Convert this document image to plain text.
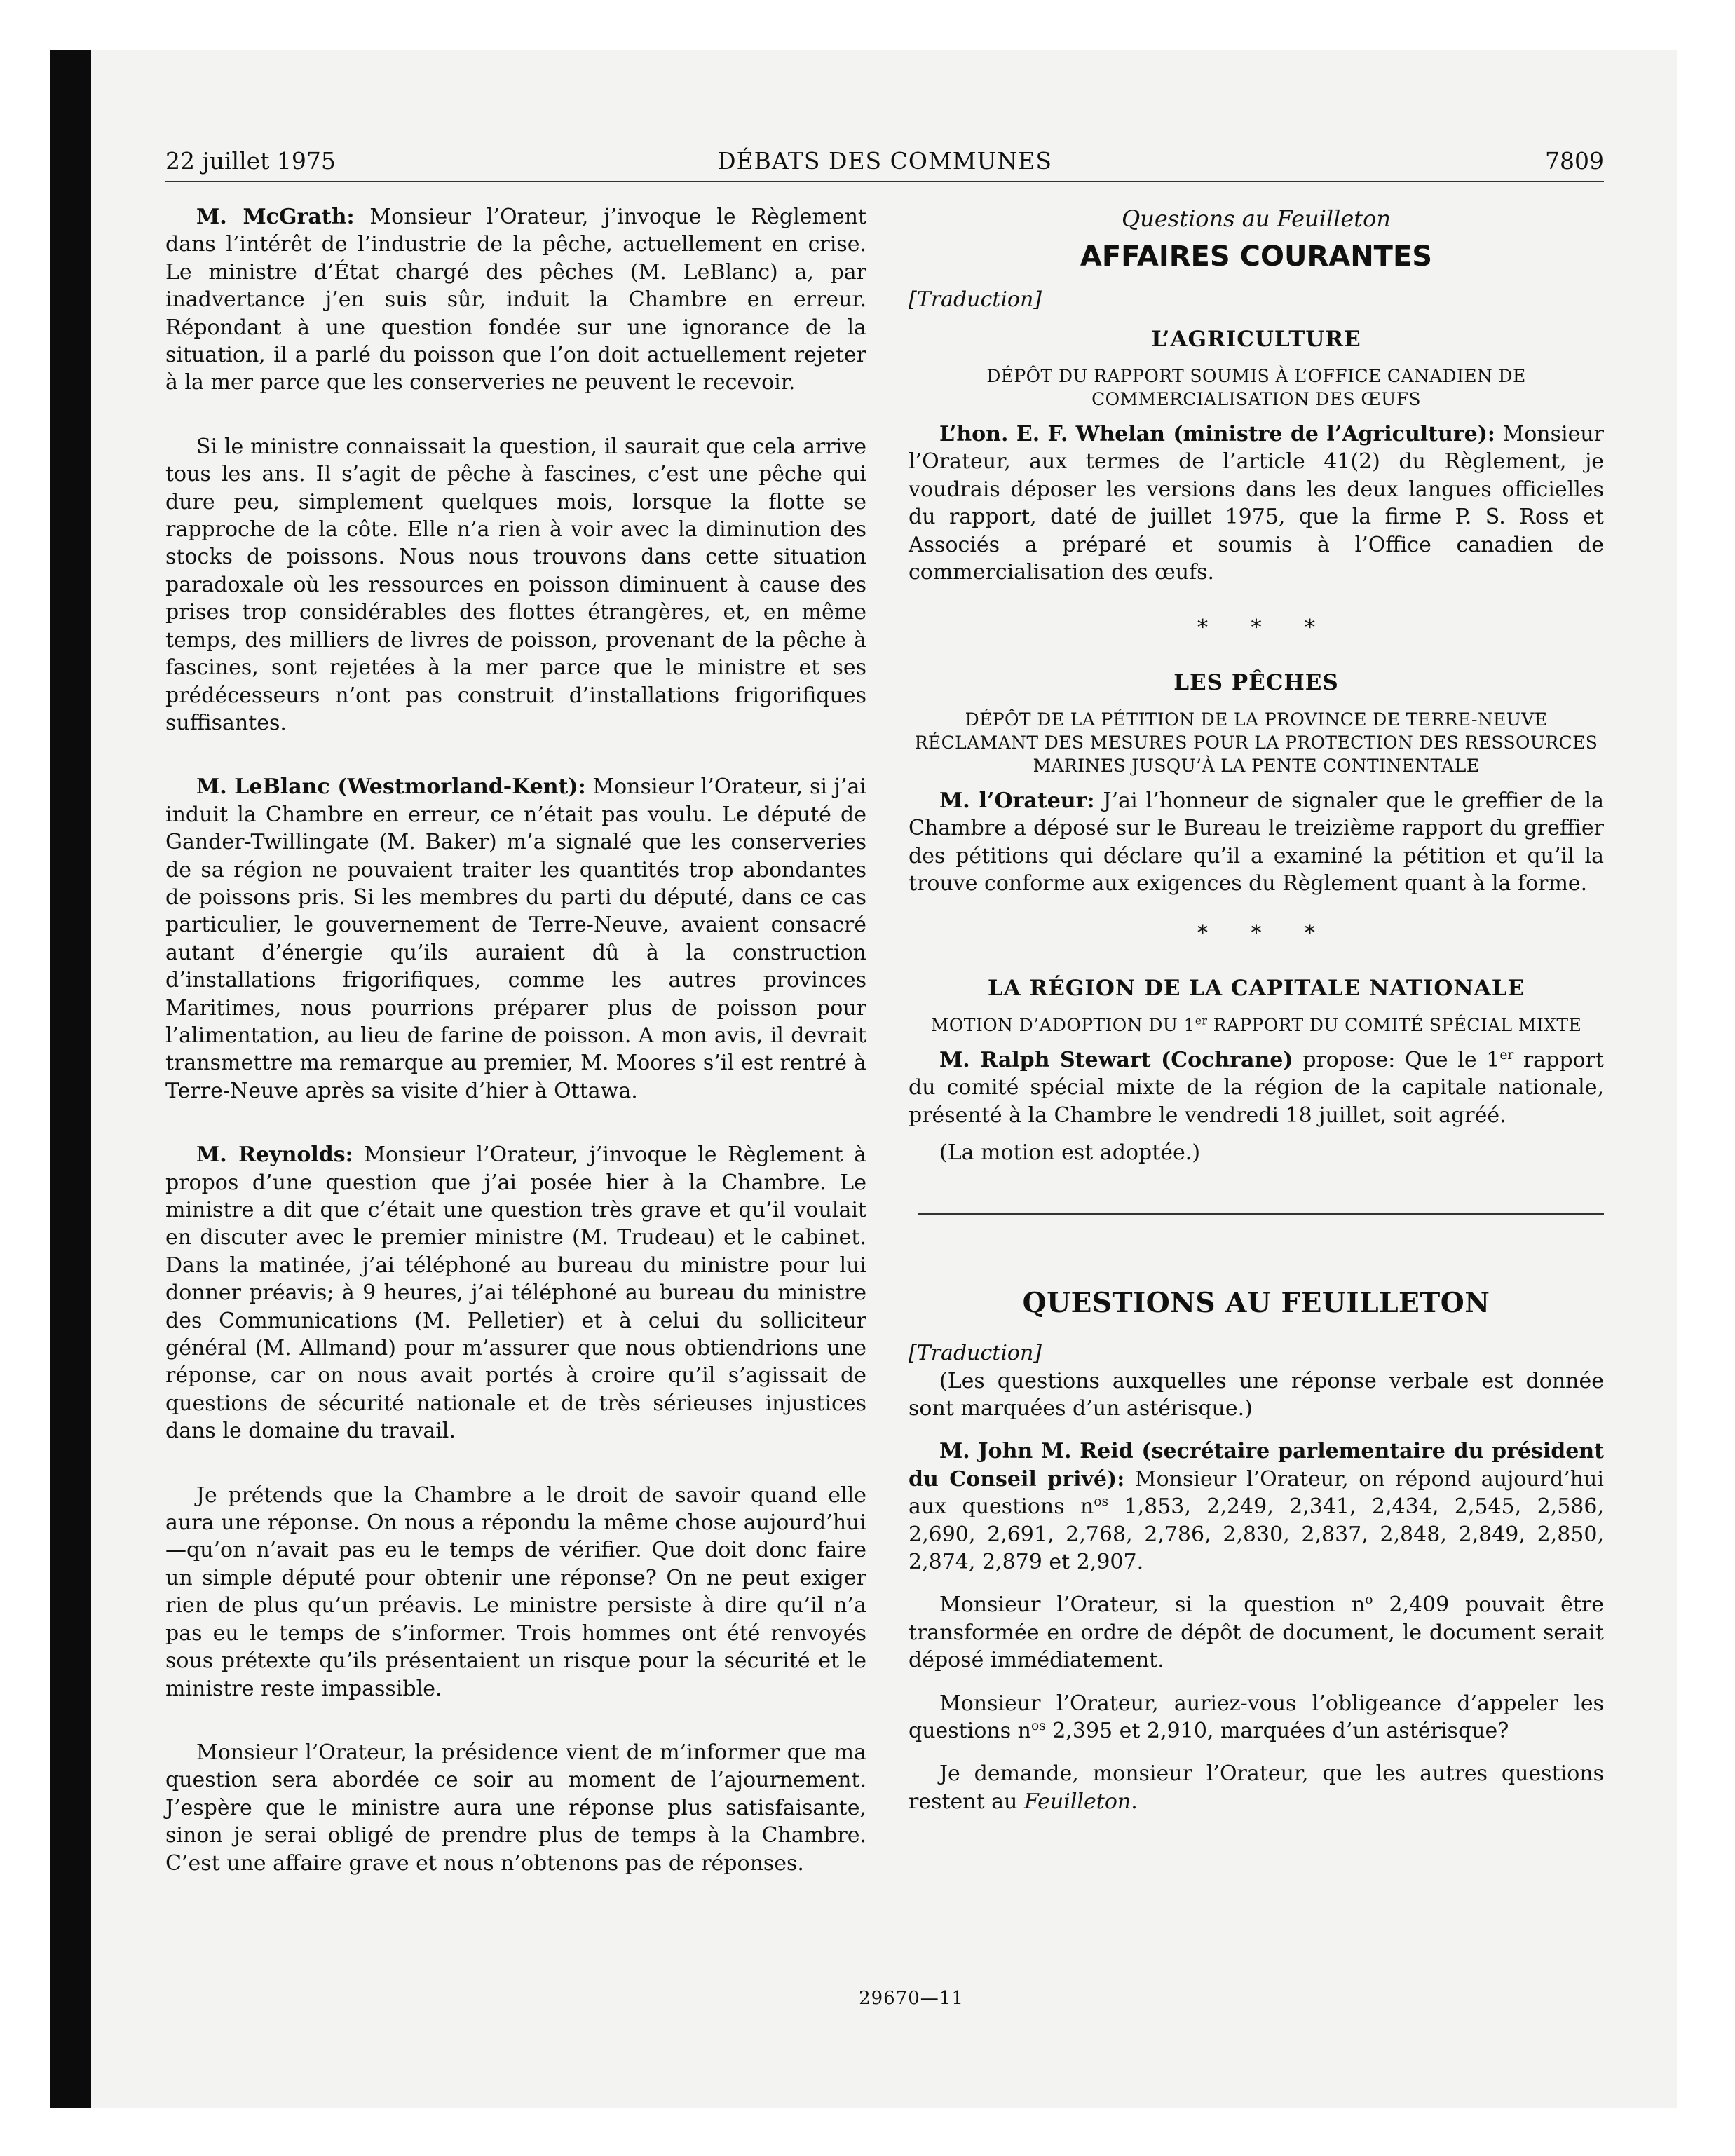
22 juillet 1975	DÉBATS DES COMMUNES	7809

M. McGrath: Monsieur l’Orateur, j’invoque le Règlement dans l’intérêt de l’industrie de la pêche, actuellement en crise. Le ministre d’État chargé des pêches (M. LeBlanc) a, par inadvertance j’en suis sûr, induit la Chambre en erreur. Répondant à une question fondée sur une ignorance de la situation, il a parlé du poisson que l’on doit actuellement rejeter à la mer parce que les conserveries ne peuvent le recevoir.

Si le ministre connaissait la question, il saurait que cela arrive tous les ans. Il s’agit de pêche à fascines, c’est une pêche qui dure peu, simplement quelques mois, lorsque la flotte se rapproche de la côte. Elle n’a rien à voir avec la diminution des stocks de poissons. Nous nous trouvons dans cette situation paradoxale où les ressources en poisson diminuent à cause des prises trop considérables des flottes étrangères, et, en même temps, des milliers de livres de poisson, provenant de la pêche à fascines, sont rejetées à la mer parce que le ministre et ses prédécesseurs n’ont pas construit d’installations frigorifiques suffisantes.

M. LeBlanc (Westmorland-Kent): Monsieur l’Orateur, si j’ai induit la Chambre en erreur, ce n’était pas voulu. Le député de Gander-Twillingate (M. Baker) m’a signalé que les conserveries de sa région ne pouvaient traiter les quantités trop abondantes de poissons pris. Si les membres du parti du député, dans ce cas particulier, le gouvernement de Terre-Neuve, avaient consacré autant d’énergie qu’ils auraient dû à la construction d’installations frigorifiques, comme les autres provinces Maritimes, nous pourrions préparer plus de poisson pour l’alimentation, au lieu de farine de poisson. A mon avis, il devrait transmettre ma remarque au premier, M. Moores s’il est rentré à Terre-Neuve après sa visite d’hier à Ottawa.

M. Reynolds: Monsieur l’Orateur, j’invoque le Règlement à propos d’une question que j’ai posée hier à la Chambre. Le ministre a dit que c’était une question très grave et qu’il voulait en discuter avec le premier ministre (M. Trudeau) et le cabinet. Dans la matinée, j’ai téléphoné au bureau du ministre pour lui donner préavis; à 9 heures, j’ai téléphoné au bureau du ministre des Communications (M. Pelletier) et à celui du solliciteur général (M. Allmand) pour m’assurer que nous obtiendrions une réponse, car on nous avait portés à croire qu’il s’agissait de questions de sécurité nationale et de très sérieuses injustices dans le domaine du travail.

Je prétends que la Chambre a le droit de savoir quand elle aura une réponse. On nous a répondu la même chose aujourd’hui—qu’on n’avait pas eu le temps de vérifier. Que doit donc faire un simple député pour obtenir une réponse? On ne peut exiger rien de plus qu’un préavis. Le ministre persiste à dire qu’il n’a pas eu le temps de s’informer. Trois hommes ont été renvoyés sous prétexte qu’ils présentaient un risque pour la sécurité et le ministre reste impassible.

Monsieur l’Orateur, la présidence vient de m’informer que ma question sera abordée ce soir au moment de l’ajournement. J’espère que le ministre aura une réponse plus satisfaisante, sinon je serai obligé de prendre plus de temps à la Chambre. C’est une affaire grave et nous n’obtenons pas de réponses.

Questions au Feuilleton
AFFAIRES COURANTES
[Traduction]
L’AGRICULTURE

DÉPÔT DU RAPPORT SOUMIS À L’OFFICE CANADIEN DE COMMERCIALISATION DES ŒUFS

L’hon. E. F. Whelan (ministre de l’Agriculture): Monsieur l’Orateur, aux termes de l’article 41(2) du Règlement, je voudrais déposer les versions dans les deux langues officielles du rapport, daté de juillet 1975, que la firme P. S. Ross et Associés a préparé et soumis à l’Office canadien de commercialisation des œufs.

* * *

LES PÊCHES

DÉPÔT DE LA PÉTITION DE LA PROVINCE DE TERRE-NEUVE RÉCLAMANT DES MESURES POUR LA PROTECTION DES RESSOURCES MARINES JUSQU’À LA PENTE CONTINENTALE

M. l’Orateur: J’ai l’honneur de signaler que le greffier de la Chambre a déposé sur le Bureau le treizième rapport du greffier des pétitions qui déclare qu’il a examiné la pétition et qu’il la trouve conforme aux exigences du Règlement quant à la forme.

* * *

LA RÉGION DE LA CAPITALE NATIONALE

MOTION D’ADOPTION DU 1er RAPPORT DU COMITÉ SPÉCIAL MIXTE

M. Ralph Stewart (Cochrane) propose: Que le 1er rapport du comité spécial mixte de la région de la capitale nationale, présenté à la Chambre le vendredi 18 juillet, soit agréé.

(La motion est adoptée.)

QUESTIONS AU FEUILLETON
[Traduction]

(Les questions auxquelles une réponse verbale est donnée sont marquées d’un astérisque.)

M. John M. Reid (secrétaire parlementaire du président du Conseil privé): Monsieur l’Orateur, on répond aujourd’hui aux questions $n^{os}$ 1,853, 2,249, 2,341, 2,434, 2,545, 2,586, 2,690, 2,691, 2,768, 2,786, 2,830, 2,837, 2,848, 2,849, 2,850, 2,874, 2,879 et 2,907.

Monsieur l’Orateur, si la question $n^o$ 2,409 pouvait être transformée en ordre de dépôt de document, le document serait déposé immédiatement.

Monsieur l’Orateur, auriez-vous l’obligeance d’appeler les questions $n^{os}$ 2,395 et 2,910, marquées d’un astérisque?

Je demande, monsieur l’Orateur, que les autres questions restent au Feuilleton.

29670—11
